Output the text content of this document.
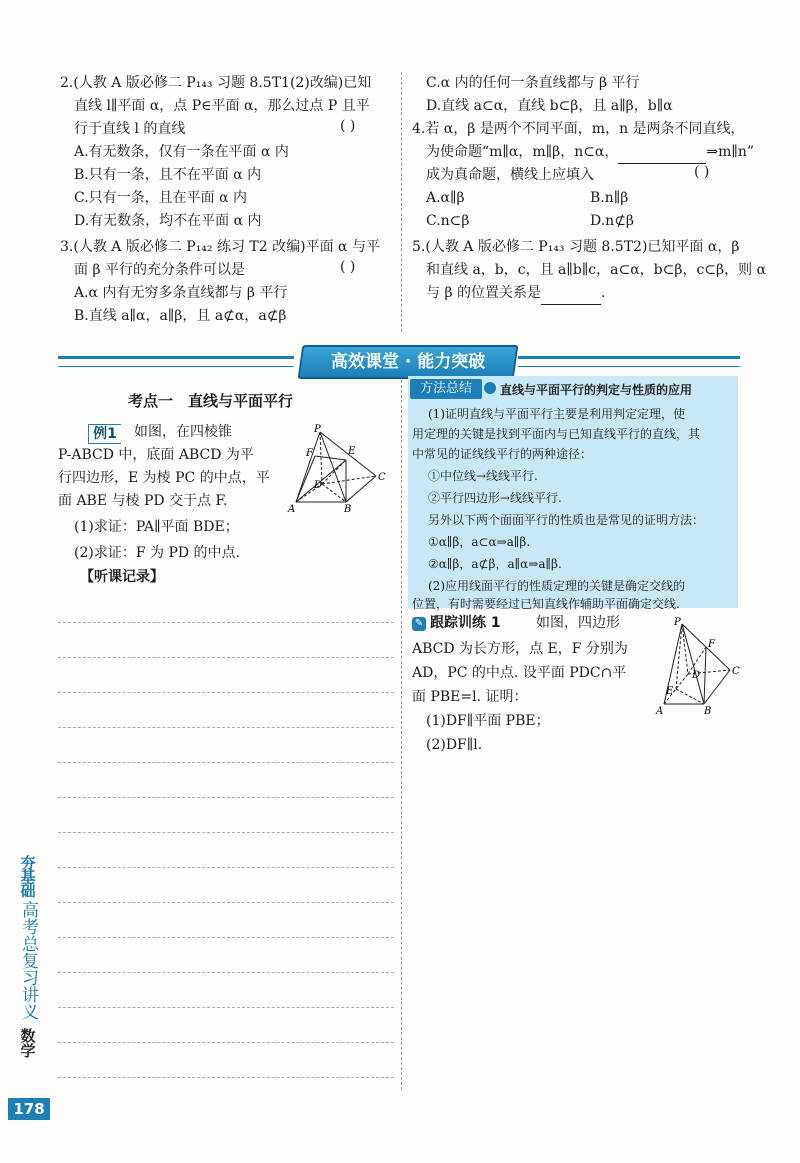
2.(人教 A 版必修二 P₁₄₃ 习题 8.5T1(2)改编)已知
直线 l∥平面 α，点 P∈平面 α，那么过点 P 且平
行于直线 l 的直线	( )
A.有无数条，仅有一条在平面 α 内
B.只有一条，且不在平面 α 内
C.只有一条，且在平面 α 内
D.有无数条，均不在平面 α 内
3.(人教 A 版必修二 P₁₄₂ 练习 T2 改编)平面 α 与平
面 β 平行的充分条件可以是	( )
A.α 内有无穷多条直线都与 β 平行
B.直线 a∥α，a∥β，且 a⊄α，a⊄β
C.α 内的任何一条直线都与 β 平行
D.直线 a⊂α，直线 b⊂β，且 a∥β，b∥α
4.若 α，β 是两个不同平面，m，n 是两条不同直线，
为使命题“m∥α，m∥β，n⊂α，	⇒m∥n”
成为真命题，横线上应填入	( )
A.α∥β	B.n∥β
C.n⊂β	D.n⊄β
5.(人教 A 版必修二 P₁₄₃ 习题 8.5T2)已知平面 α，β
和直线 a，b，c，且 a∥b∥c，a⊂α，b⊂β，c⊂β，则 α
与 β 的位置关系是	.
高效课堂 · 能力突破
考点一　直线与平面平行
例1 如图，在四棱锥
P-ABCD 中，底面 ABCD 为平
行四边形，E 为棱 PC 的中点，平
面 ABE 与棱 PD 交于点 F.
(1)求证：PA∥平面 BDE；
(2)求证：F 为 PD 的中点.
【听课记录】
P
F	E
D
C
A	B
方法总结	直线与平面平行的判定与性质的应用
(1)证明直线与平面平行主要是利用判定定理，使
用定理的关键是找到平面内与已知直线平行的直线，其
中常见的证线线平行的两种途径：
①中位线→线线平行.
②平行四边形→线线平行.
另外以下两个面面平行的性质也是常见的证明方法：
①α∥β，a⊂α⇒a∥β.
②α∥β，a⊄β，a∥α⇒a∥β.
(2)应用线面平行的性质定理的关键是确定交线的
位置，有时需要经过已知直线作辅助平面确定交线.
✎ 跟踪训练 1	如图，四边形
ABCD 为长方形，点 E，F 分别为
AD，PC 的中点. 设平面 PDC∩平
面 PBE=l. 证明：
(1)DF∥平面 PBE；
(2)DF∥l.
P
F
D
E
C
A	B
夯基础
高考总复习讲义
数学
178
